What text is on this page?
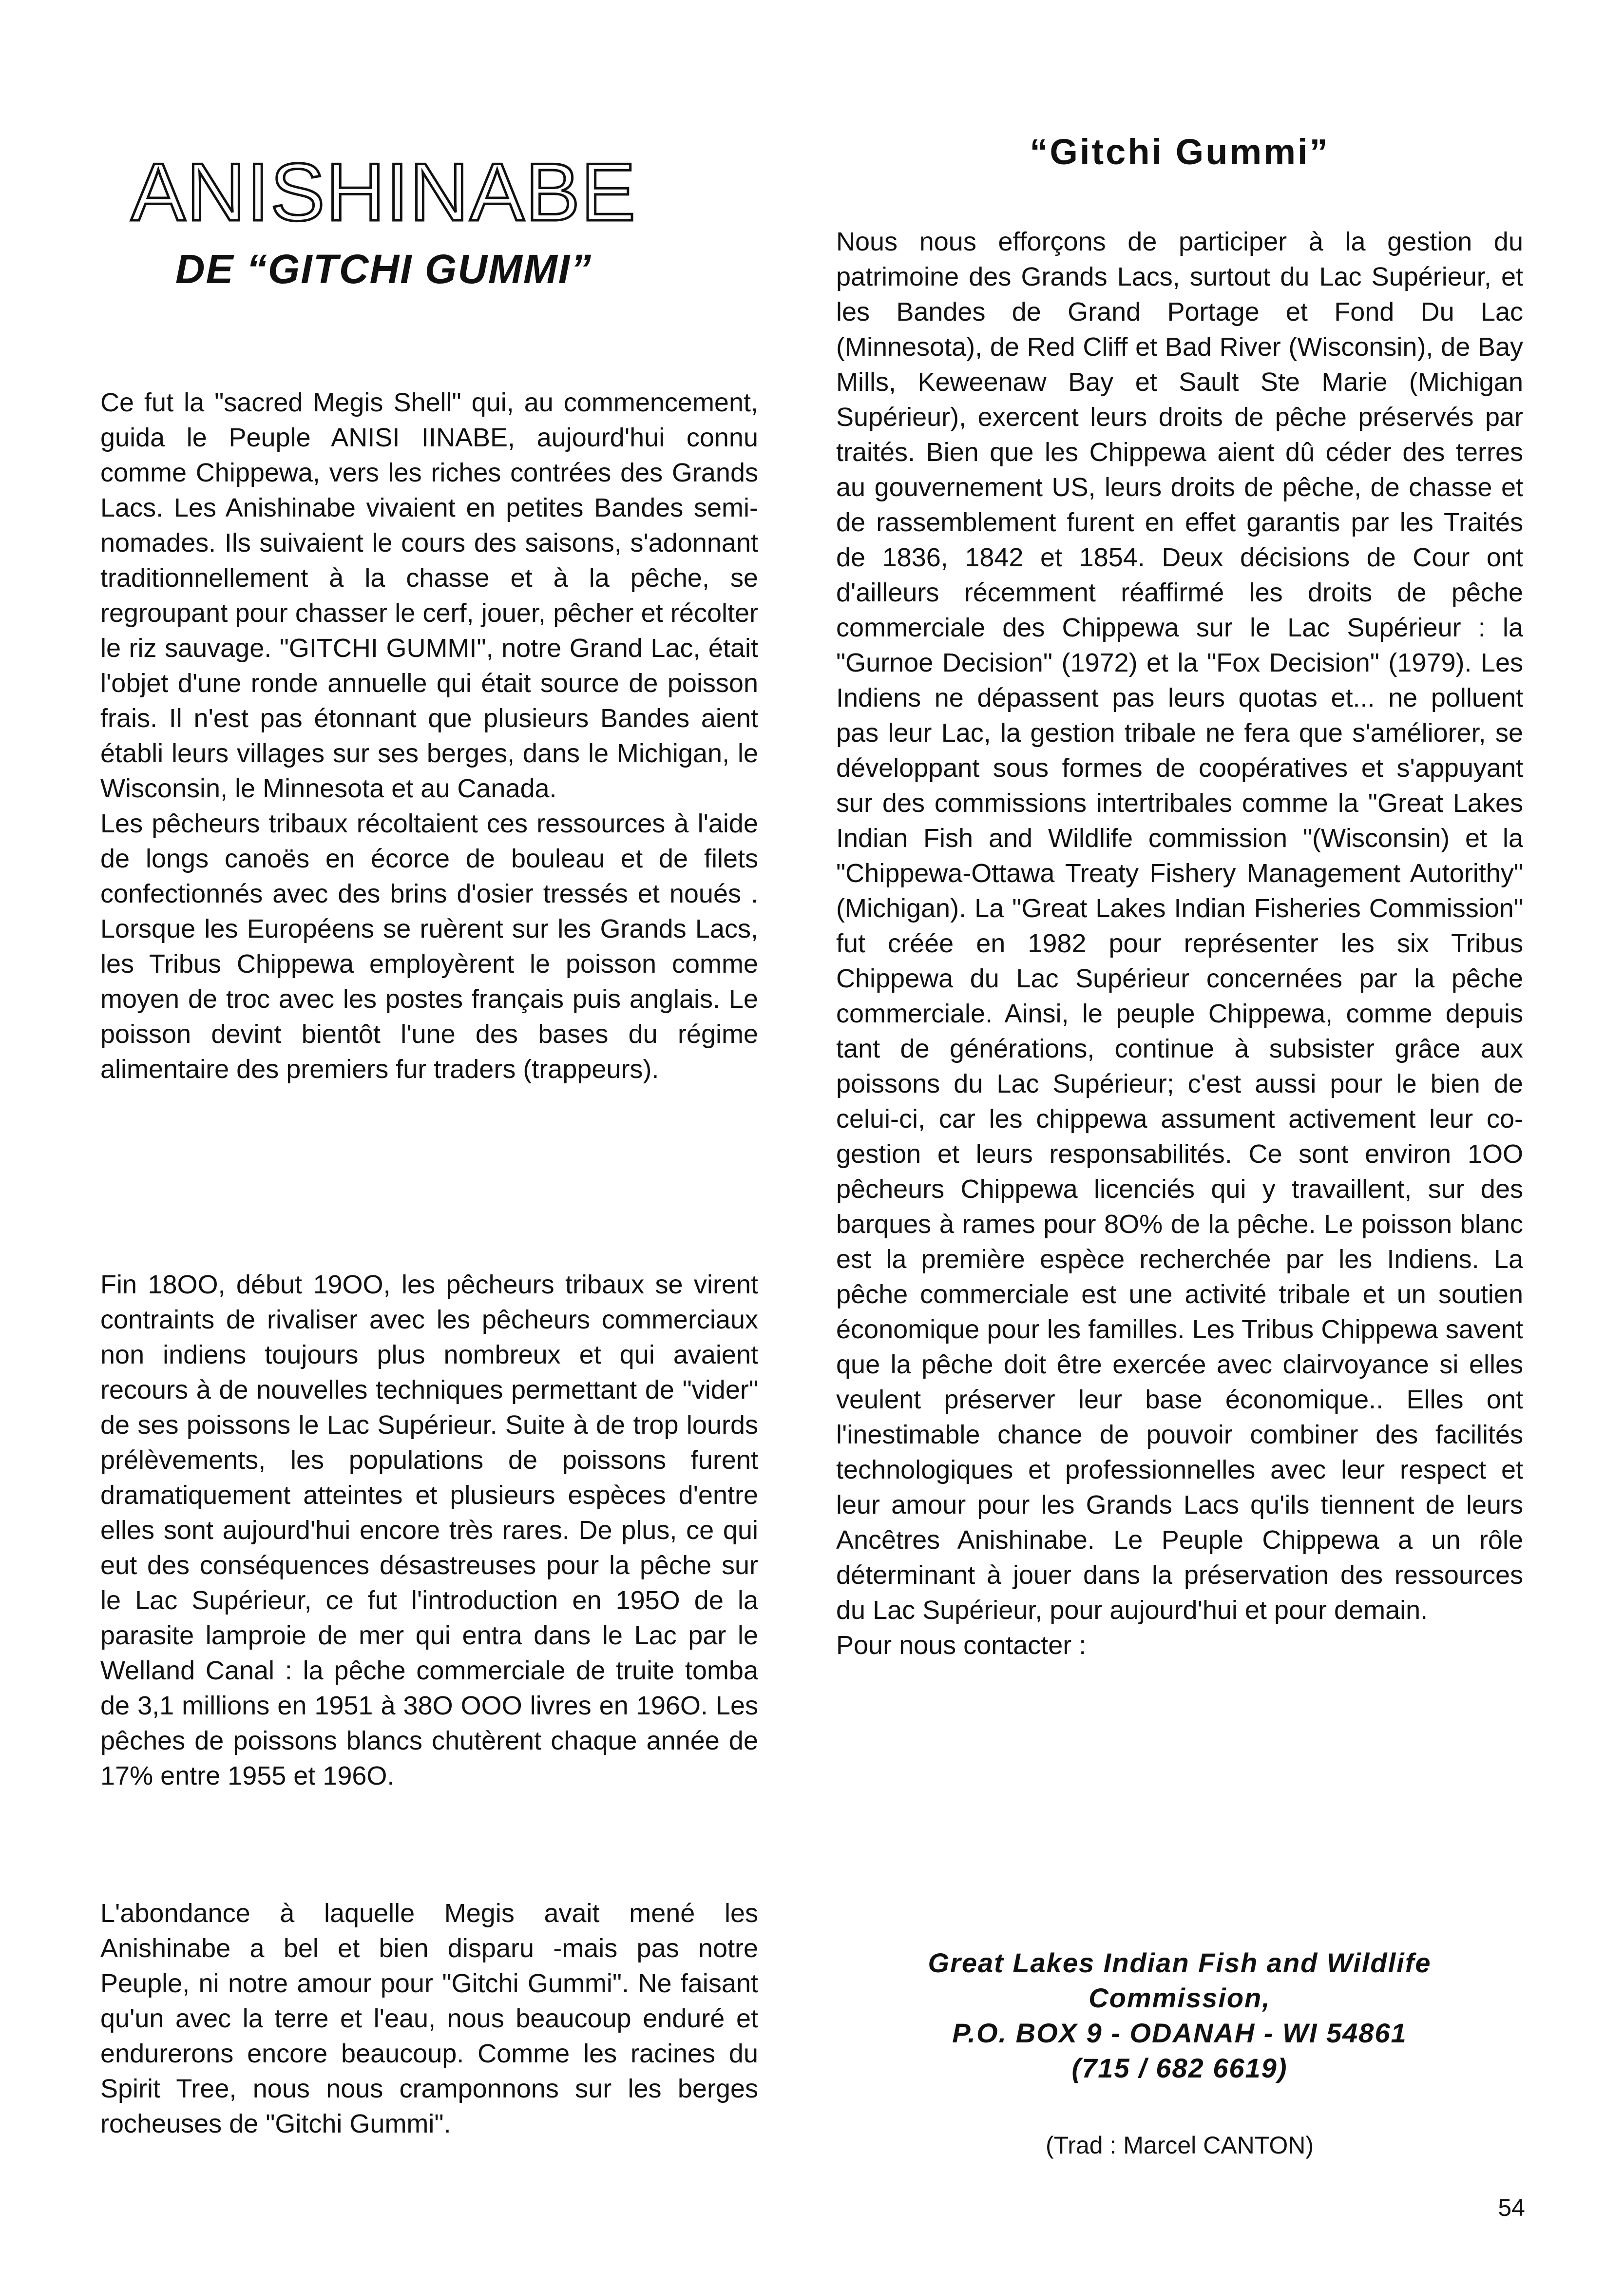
ANISHINABE
DE “GITCHI GUMMI”
Ce fut la "sacred Megis Shell" qui, au commencement, guida le Peuple ANISI IINABE, aujourd'hui connu comme Chippewa, vers les riches contrées des Grands Lacs. Les Anishinabe vivaient en petites Bandes semi-nomades. Ils suivaient le cours des saisons, s'adonnant traditionnellement à la chasse et à la pêche, se regroupant pour chasser le cerf, jouer, pêcher et récolter le riz sauvage. "GITCHI GUMMI", notre Grand Lac, était l'objet d'une ronde annuelle qui était source de poisson frais. Il n'est pas étonnant que plusieurs Bandes aient établi leurs villages sur ses berges, dans le Michigan, le Wisconsin, le Minnesota et au Canada.
Les pêcheurs tribaux récoltaient ces ressources à l'aide de longs canoës en écorce de bouleau et de filets confectionnés avec des brins d'osier tressés et noués . Lorsque les Européens se ruèrent sur les Grands Lacs, les Tribus Chippewa employèrent le poisson comme moyen de troc avec les postes français puis anglais. Le poisson devint bientôt l'une des bases du régime alimentaire des premiers fur traders (trappeurs).
Fin 18OO, début 19OO, les pêcheurs tribaux se virent contraints de rivaliser avec les pêcheurs commerciaux non indiens toujours plus nombreux et qui avaient recours à de nouvelles techniques permettant de "vider" de ses poissons le Lac Supérieur. Suite à de trop lourds prélèvements, les populations de poissons furent dramatiquement atteintes et plusieurs espèces d'entre elles sont aujourd'hui encore très rares. De plus, ce qui eut des conséquences désastreuses pour la pêche sur le Lac Supérieur, ce fut l'introduction en 195O de la parasite lamproie de mer qui entra dans le Lac par le Welland Canal : la pêche commerciale de truite tomba de 3,1 millions en 1951 à 38O OOO livres en 196O. Les pêches de poissons blancs chutèrent chaque année de 17% entre 1955 et 196O.
L'abondance à laquelle Megis avait mené les Anishinabe a bel et bien disparu -mais pas notre Peuple, ni notre amour pour "Gitchi Gummi". Ne faisant qu'un avec la terre et l'eau, nous beaucoup enduré et endurerons encore beaucoup. Comme les racines du Spirit Tree, nous nous cramponnons sur les berges rocheuses de "Gitchi Gummi".
“Gitchi Gummi”
Nous nous efforçons de participer à la gestion du patrimoine des Grands Lacs, surtout du Lac Supérieur, et les Bandes de Grand Portage et Fond Du Lac (Minnesota), de Red Cliff et Bad River (Wisconsin), de Bay Mills, Keweenaw Bay et Sault Ste Marie (Michigan Supérieur), exercent leurs droits de pêche préservés par traités. Bien que les Chippewa aient dû céder des terres au gouvernement US, leurs droits de pêche, de chasse et de rassemblement furent en effet garantis par les Traités de 1836, 1842 et 1854. Deux décisions de Cour ont d'ailleurs récemment réaffirmé les droits de pêche commerciale des Chippewa sur le Lac Supérieur : la "Gurnoe Decision" (1972) et la "Fox Decision" (1979). Les Indiens ne dépassent pas leurs quotas et... ne polluent pas leur Lac, la gestion tribale ne fera que s'améliorer, se développant sous formes de coopératives et s'appuyant sur des commissions intertribales comme la "Great Lakes Indian Fish and Wildlife commission "(Wisconsin) et la "Chippewa-Ottawa Treaty Fishery Management Autorithy" (Michigan). La "Great Lakes Indian Fisheries Commission" fut créée en 1982 pour représenter les six Tribus Chippewa du Lac Supérieur concernées par la pêche commerciale. Ainsi, le peuple Chippewa, comme depuis tant de générations, continue à subsister grâce aux poissons du Lac Supérieur; c'est aussi pour le bien de celui-ci, car les chippewa assument activement leur co-gestion et leurs responsabilités. Ce sont environ 1OO pêcheurs Chippewa licenciés qui y travaillent, sur des barques à rames pour 8O% de la pêche. Le poisson blanc est la première espèce recherchée par les Indiens. La pêche commerciale est une activité tribale et un soutien économique pour les familles. Les Tribus Chippewa savent que la pêche doit être exercée avec clairvoyance si elles veulent préserver leur base économique.. Elles ont l'inestimable chance de pouvoir combiner des facilités technologiques et professionnelles avec leur respect et leur amour pour les Grands Lacs qu'ils tiennent de leurs Ancêtres Anishinabe. Le Peuple Chippewa a un rôle déterminant à jouer dans la préservation des ressources du Lac Supérieur, pour aujourd'hui et pour demain.
Pour nous contacter :
Great Lakes Indian Fish and Wildlife
Commission,
P.O. BOX 9 - ODANAH - WI 54861
(715 / 682 6619)
(Trad : Marcel CANTON)
54
